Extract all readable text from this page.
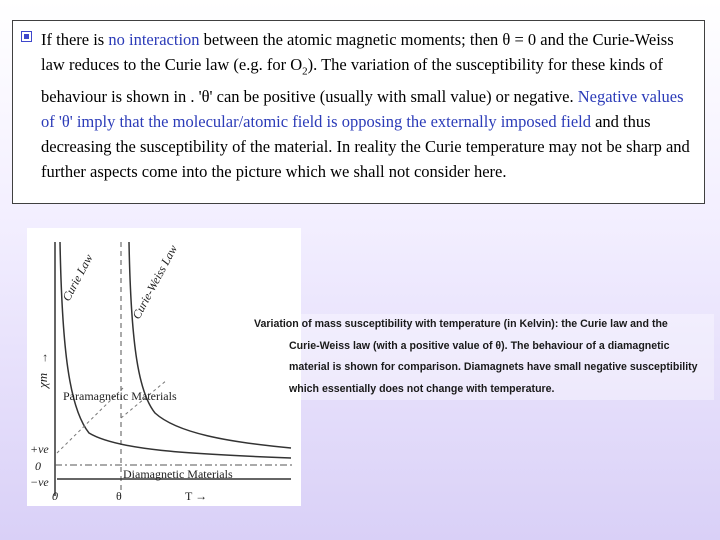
If there is no interaction between the atomic magnetic moments; then θ = 0 and the Curie-Weiss law reduces to the Curie law (e.g. for $O_2$). The variation of the susceptibility for these kinds of behaviour is shown in . 'θ' can be positive (usually with small value) or negative. Negative values of 'θ' imply that the molecular/atomic field is opposing the externally imposed field and thus decreasing the susceptibility of the material. In reality the Curie temperature may not be sharp and further aspects come into the picture which we shall not consider here.

Curie Law	Curie-Weiss Law
Paramagnetic Materials
Diamagnetic Materials
χm
→
+ve
0
−ve
0	θ	T →
Variation of mass susceptibility with temperature (in Kelvin): the Curie law and the
Curie-Weiss law (with a positive value of θ). The behaviour of a diamagnetic
material is shown for comparison. Diamagnets have small negative susceptibility
which essentially does not change with temperature.
